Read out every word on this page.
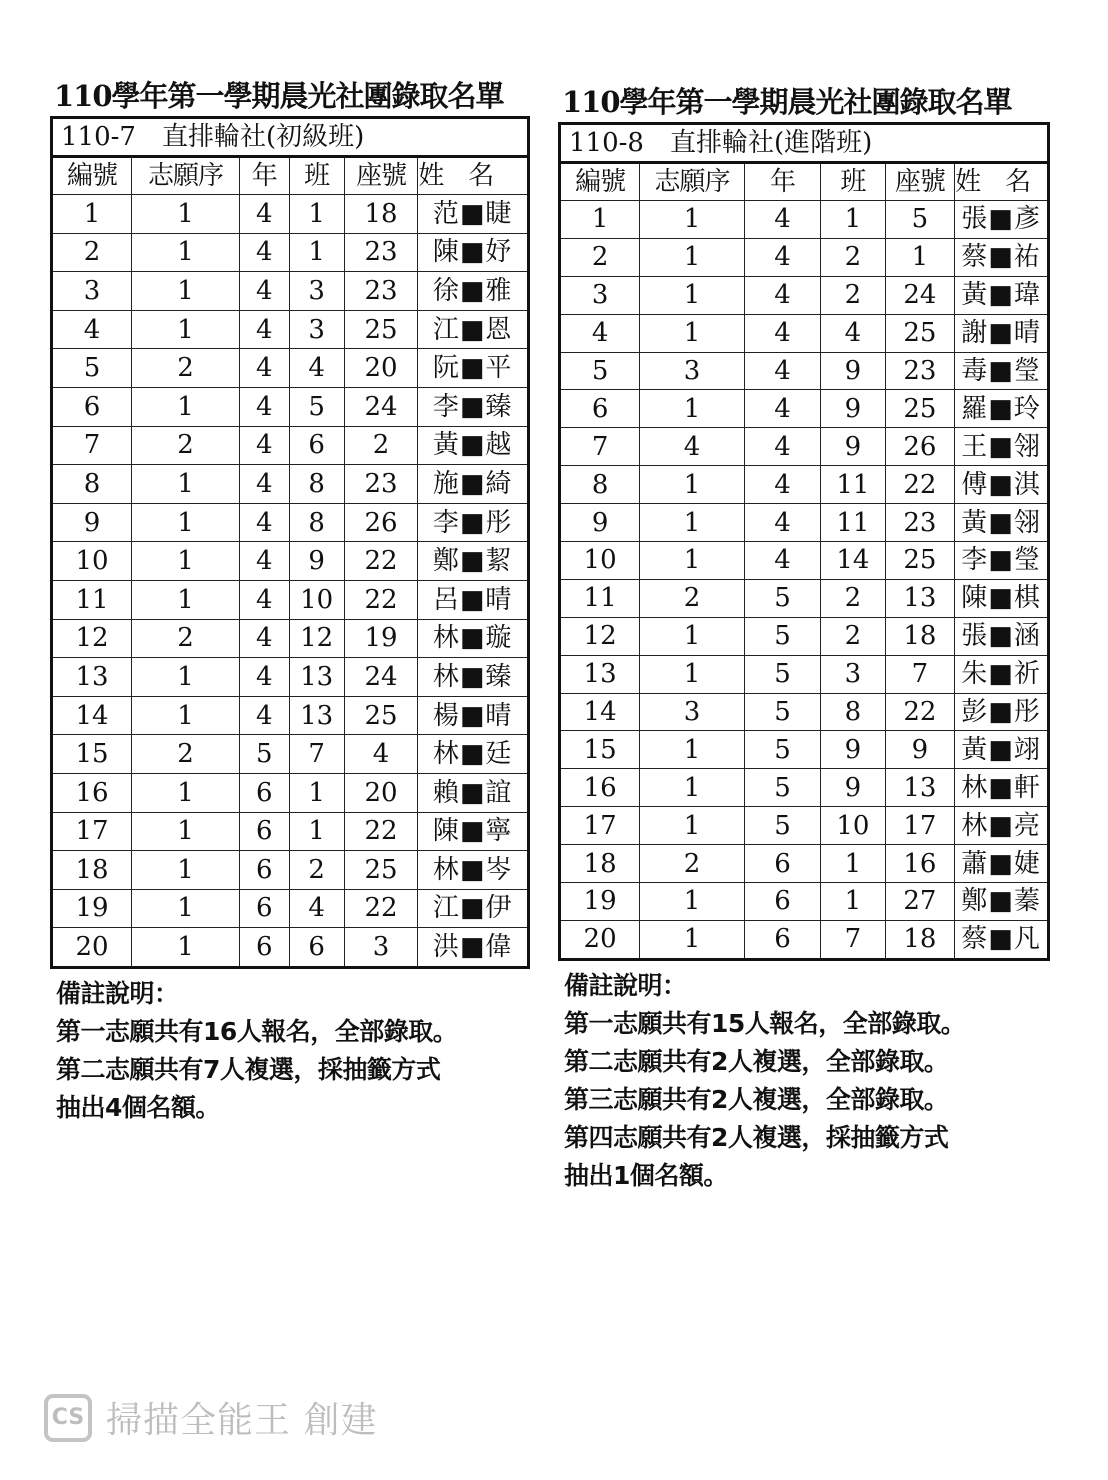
110學年第一學期晨光社團錄取名單
110-7　直排輪社(初級班)					
編號	志願序	年	班	座號	姓　名
1	1	4	1	18	范■睫
2	1	4	1	23	陳■妤
3	1	4	3	23	徐■雅
4	1	4	3	25	江■恩
5	2	4	4	20	阮■平
6	1	4	5	24	李■臻
7	2	4	6	2	黃■越
8	1	4	8	23	施■綺
9	1	4	8	26	李■彤
10	1	4	9	22	鄭■絜
11	1	4	10	22	呂■晴
12	2	4	12	19	林■璇
13	1	4	13	24	林■臻
14	1	4	13	25	楊■晴
15	2	5	7	4	林■廷
16	1	6	1	20	賴■誼
17	1	6	1	22	陳■寧
18	1	6	2	25	林■岑
19	1	6	4	22	江■伊
20	1	6	6	3	洪■偉
備註說明：
第一志願共有16人報名，全部錄取。
第二志願共有7人複選，採抽籤方式
抽出4個名額。
110學年第一學期晨光社團錄取名單
110-8　直排輪社(進階班)					
編號	志願序	年	班	座號	姓　名
1	1	4	1	5	張■彥
2	1	4	2	1	蔡■祐
3	1	4	2	24	黃■瑋
4	1	4	4	25	謝■晴
5	3	4	9	23	毒■瑩
6	1	4	9	25	羅■玲
7	4	4	9	26	王■翎
8	1	4	11	22	傅■淇
9	1	4	11	23	黃■翎
10	1	4	14	25	李■瑩
11	2	5	2	13	陳■棋
12	1	5	2	18	張■涵
13	1	5	3	7	朱■祈
14	3	5	8	22	彭■彤
15	1	5	9	9	黃■翊
16	1	5	9	13	林■軒
17	1	5	10	17	林■亮
18	2	6	1	16	蕭■婕
19	1	6	1	27	鄭■蓁
20	1	6	7	18	蔡■凡
備註說明：
第一志願共有15人報名，全部錄取。
第二志願共有2人複選，全部錄取。
第三志願共有2人複選，全部錄取。
第四志願共有2人複選，採抽籤方式
抽出1個名額。
CS 掃描全能王 創建
